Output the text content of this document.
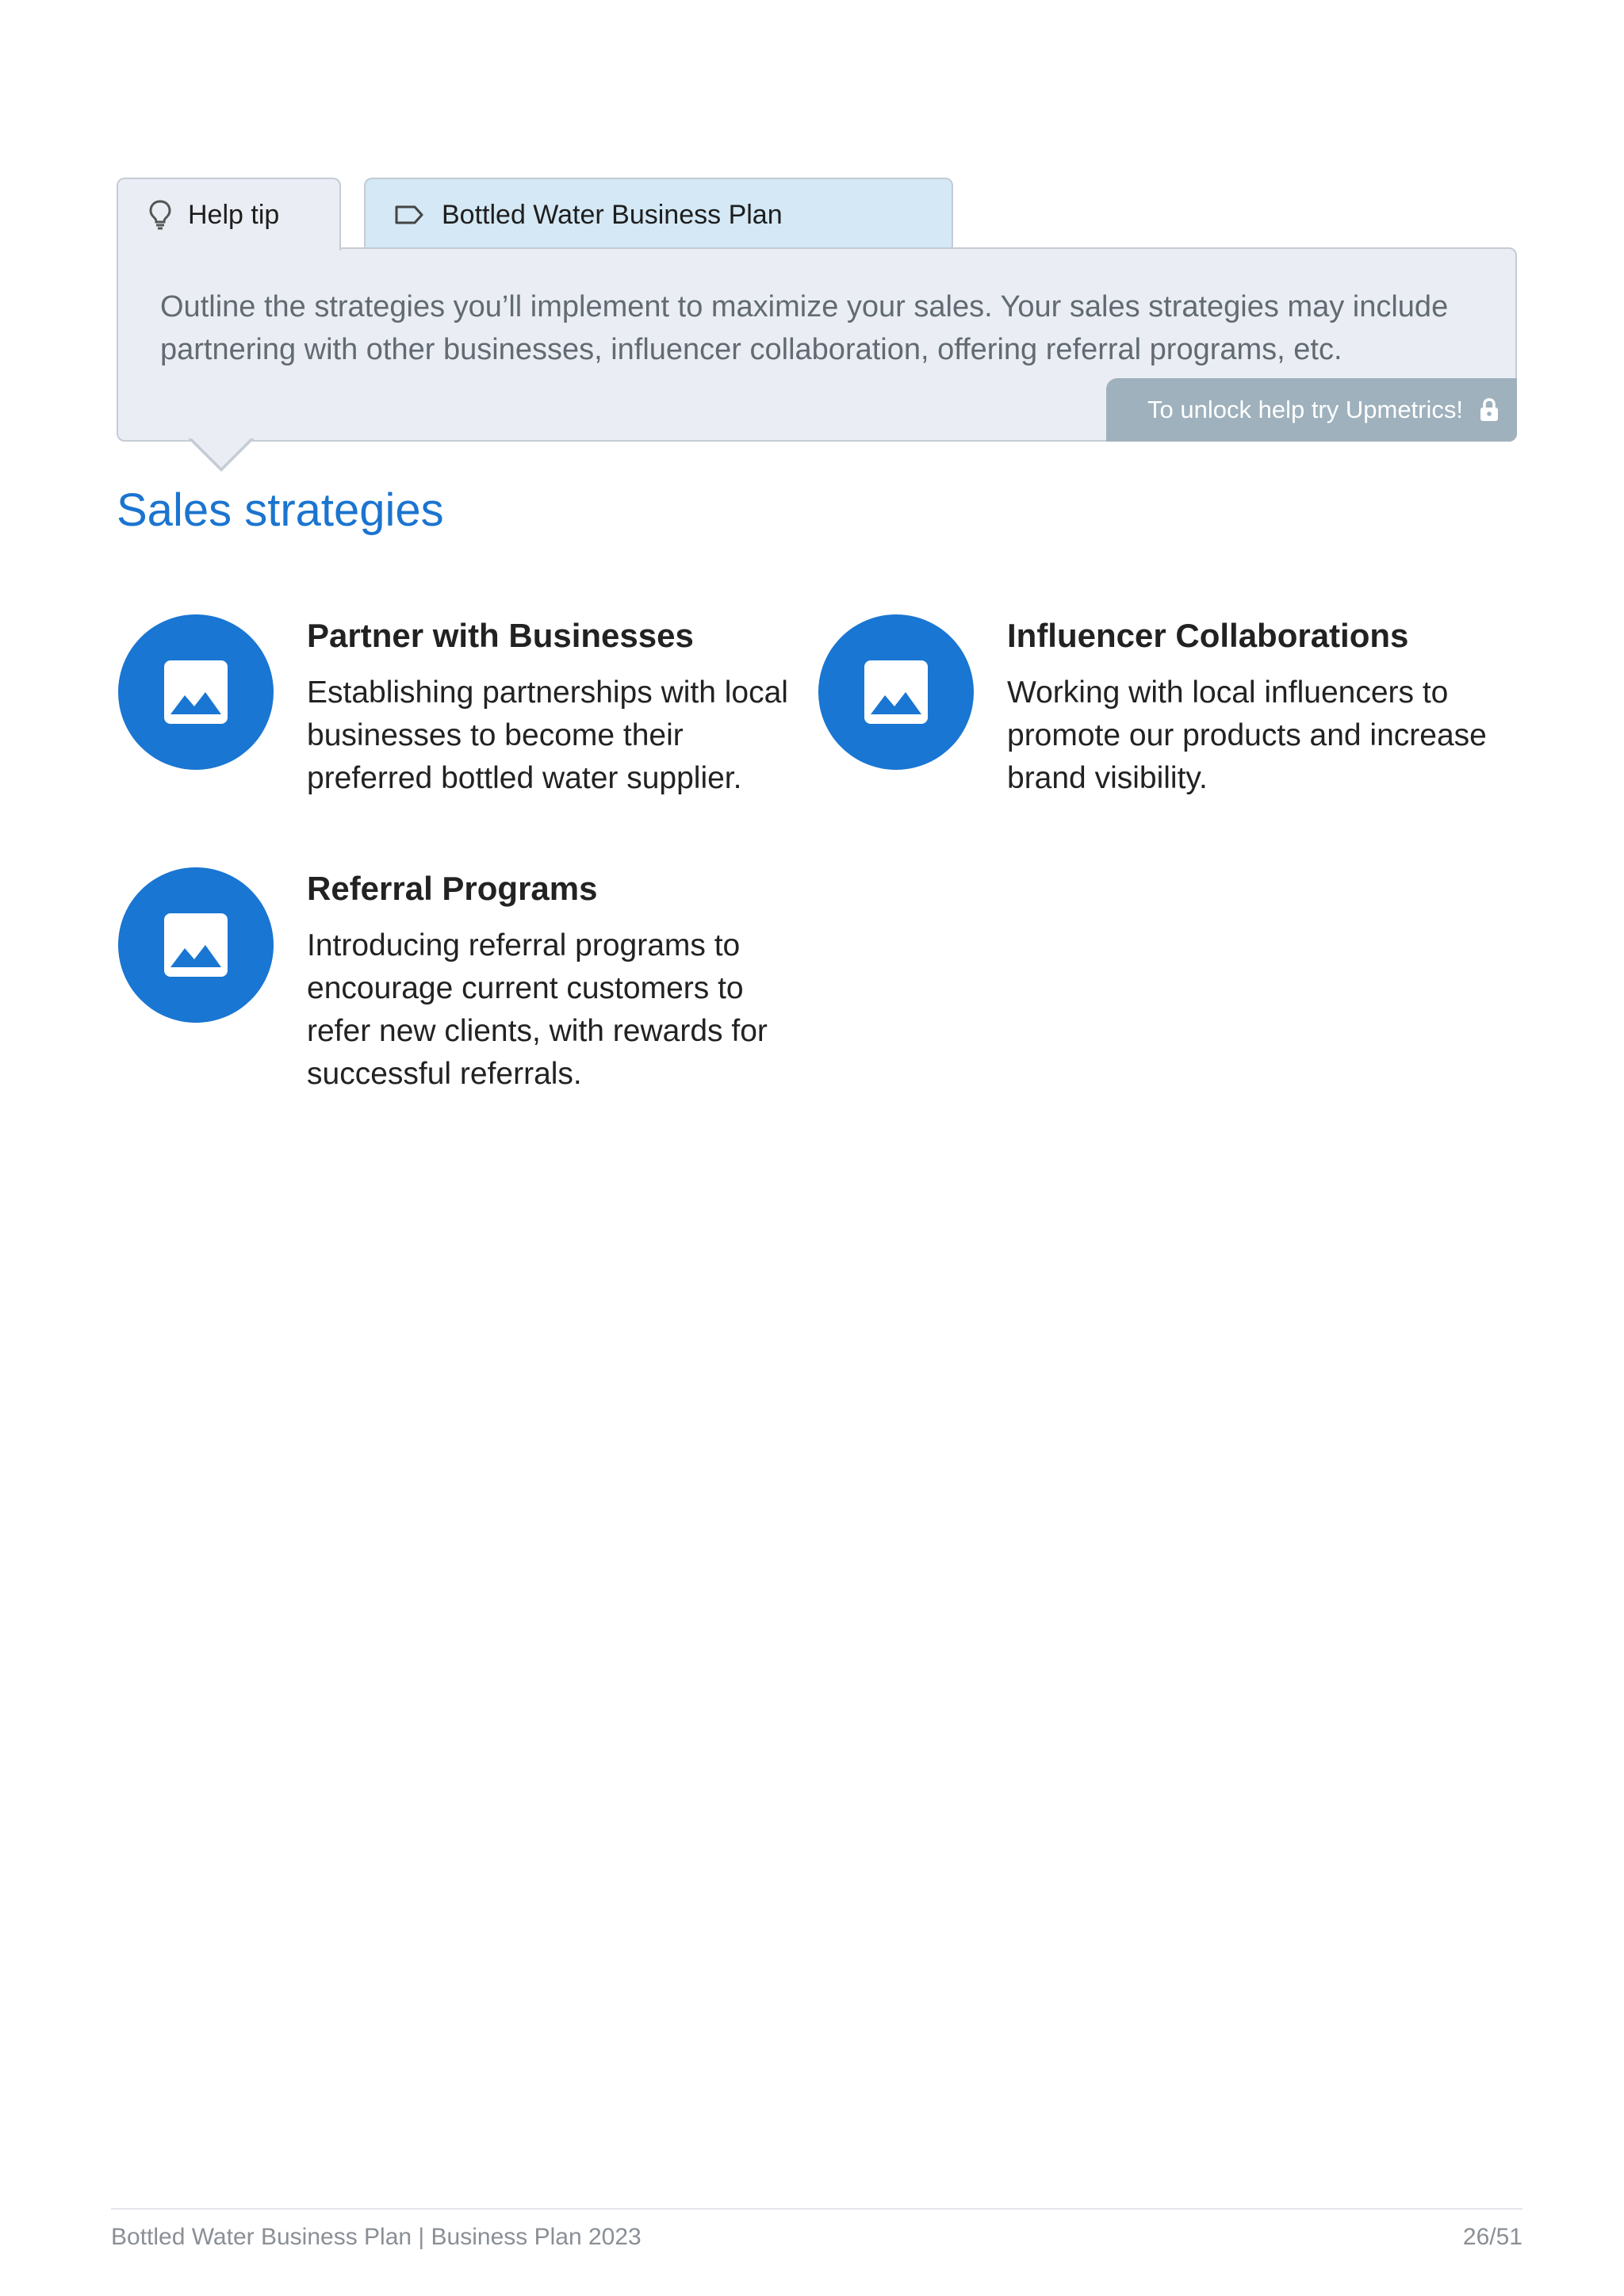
Help tip	Bottled Water Business Plan
Outline the strategies you’ll implement to maximize your sales. Your sales strategies may include partnering with other businesses, influencer collaboration, offering referral programs, etc.
To unlock help try Upmetrics!
Sales strategies
Partner with Businesses

Establishing partnerships with local businesses to become their preferred bottled water supplier.

Influencer Collaborations

Working with local influencers to promote our products and increase brand visibility.

Referral Programs

Introducing referral programs to encourage current customers to refer new clients, with rewards for successful referrals.

Bottled Water Business Plan | Business Plan 2023	26/51
